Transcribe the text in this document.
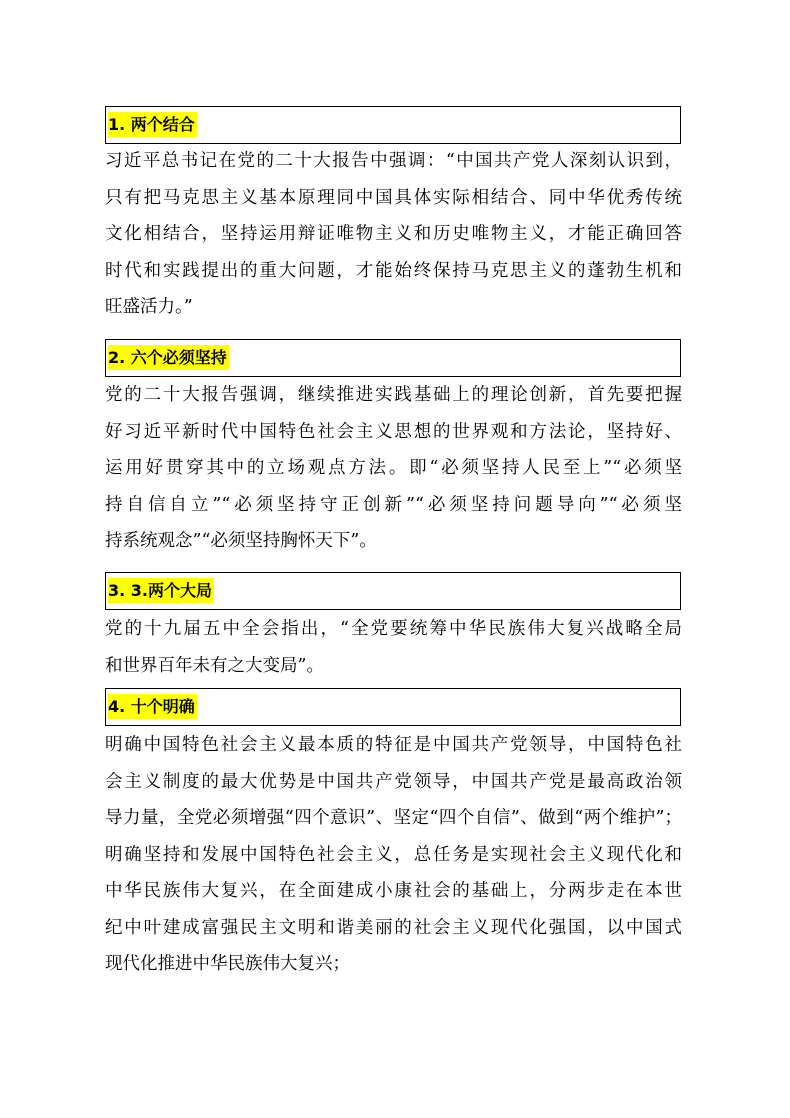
1. 两个结合
习近平总书记在党的二十大报告中强调：“中国共产党人深刻认识到，
只有把马克思主义基本原理同中国具体实际相结合、同中华优秀传统
文化相结合，坚持运用辩证唯物主义和历史唯物主义，才能正确回答
时代和实践提出的重大问题，才能始终保持马克思主义的蓬勃生机和
旺盛活力。”
2. 六个必须坚持
党的二十大报告强调，继续推进实践基础上的理论创新，首先要把握
好习近平新时代中国特色社会主义思想的世界观和方法论，坚持好、
运用好贯穿其中的立场观点方法。即“必须坚持人民至上”“必须坚
持自信自立”“必须坚持守正创新”“必须坚持问题导向”“必须坚
持系统观念”“必须坚持胸怀天下”。
3. 3.两个大局
党的十九届五中全会指出，“全党要统筹中华民族伟大复兴战略全局
和世界百年未有之大变局”。
4. 十个明确
明确中国特色社会主义最本质的特征是中国共产党领导，中国特色社
会主义制度的最大优势是中国共产党领导，中国共产党是最高政治领
导力量，全党必须增强“四个意识”、坚定“四个自信”、做到“两个维护”；
明确坚持和发展中国特色社会主义，总任务是实现社会主义现代化和
中华民族伟大复兴，在全面建成小康社会的基础上，分两步走在本世
纪中叶建成富强民主文明和谐美丽的社会主义现代化强国，以中国式
现代化推进中华民族伟大复兴；
